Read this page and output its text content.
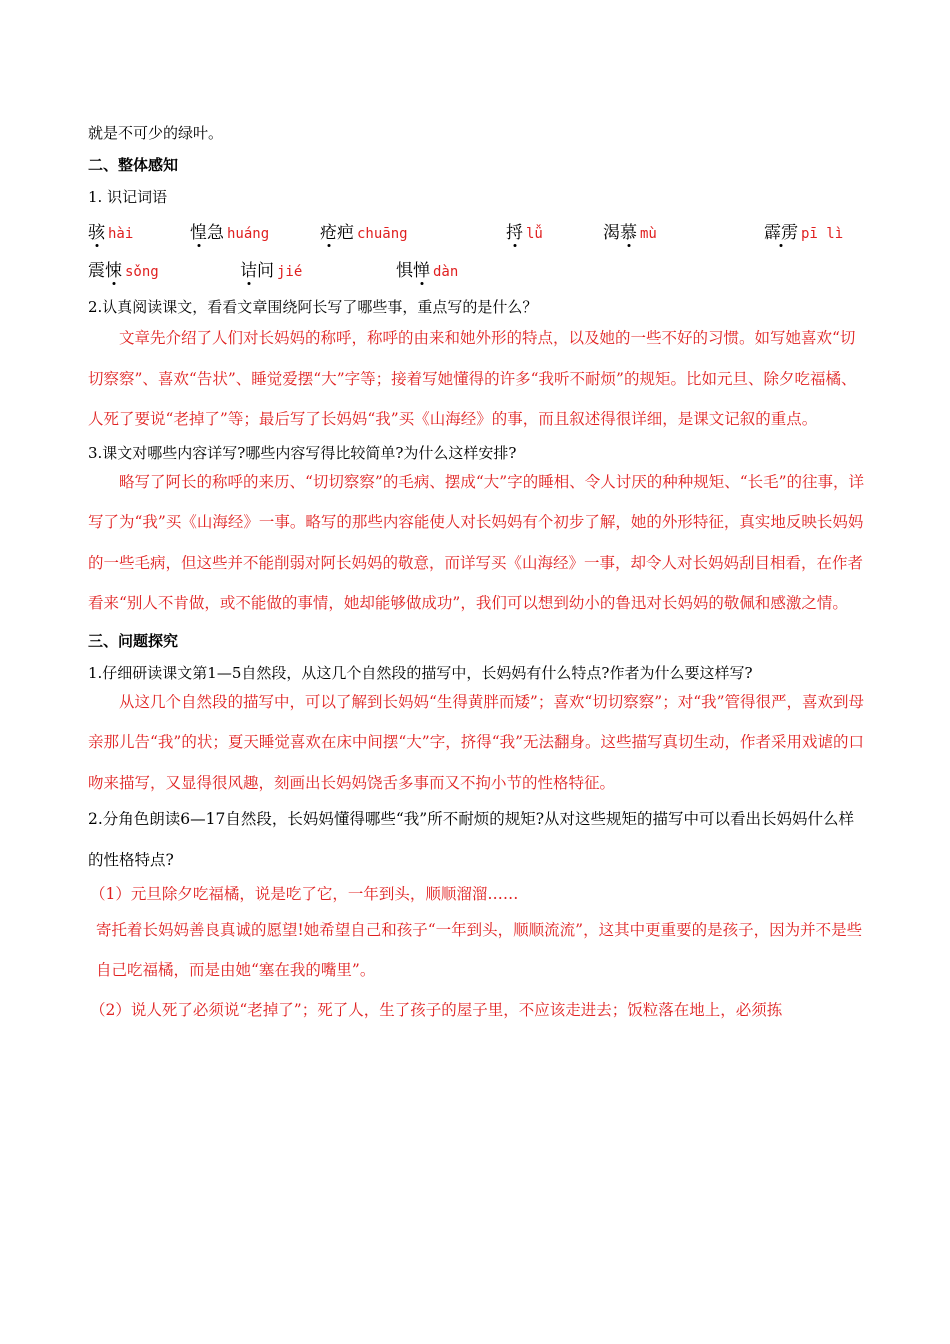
就是不可少的绿叶。

二、整体感知

1. 识记词语

骇 hài	惶急 huáng	疮疤 chuāng	捋 lǚ	渴慕 mù	霹雳 pī lì
震悚 sǒng	诘问 jié	惧惮 dàn

2.认真阅读课文，看看文章围绕阿长写了哪些事，重点写的是什么？

文章先介绍了人们对长妈妈的称呼，称呼的由来和她外形的特点，以及她的一些不好的习惯。如写她喜欢“切切察察”、喜欢“告状”、睡觉爱摆“大”字等；接着写她懂得的许多“我听不耐烦”的规矩。比如元旦、除夕吃福橘、人死了要说“老掉了”等；最后写了长妈妈“我”买《山海经》的事，而且叙述得很详细，是课文记叙的重点。

3.课文对哪些内容详写?哪些内容写得比较简单?为什么这样安排?

略写了阿长的称呼的来历、“切切察察”的毛病、摆成“大”字的睡相、令人讨厌的种种规矩、“长毛”的往事，详写了为“我”买《山海经》一事。略写的那些内容能使人对长妈妈有个初步了解，她的外形特征，真实地反映长妈妈的一些毛病，但这些并不能削弱对阿长妈妈的敬意，而详写买《山海经》一事，却令人对长妈妈刮目相看，在作者看来“别人不肯做，或不能做的事情，她却能够做成功”，我们可以想到幼小的鲁迅对长妈妈的敬佩和感激之情。

三、问题探究

1.仔细研读课文第1—5自然段，从这几个自然段的描写中，长妈妈有什么特点?作者为什么要这样写?

从这几个自然段的描写中，可以了解到长妈妈“生得黄胖而矮”；喜欢“切切察察”；对“我”管得很严，喜欢到母亲那儿告“我”的状；夏天睡觉喜欢在床中间摆“大”字，挤得“我”无法翻身。这些描写真切生动，作者采用戏谑的口吻来描写，又显得很风趣，刻画出长妈妈饶舌多事而又不拘小节的性格特征。

2.分角色朗读6—17自然段，长妈妈懂得哪些“我”所不耐烦的规矩?从对这些规矩的描写中可以看出长妈妈什么样的性格特点?

（1）元旦除夕吃福橘，说是吃了它，一年到头，顺顺溜溜……

寄托着长妈妈善良真诚的愿望!她希望自己和孩子“一年到头，顺顺流流”，这其中更重要的是孩子，因为并不是些自己吃福橘，而是由她“塞在我的嘴里”。

（2）说人死了必须说“老掉了”；死了人，生了孩子的屋子里，不应该走进去；饭粒落在地上，必须拣
